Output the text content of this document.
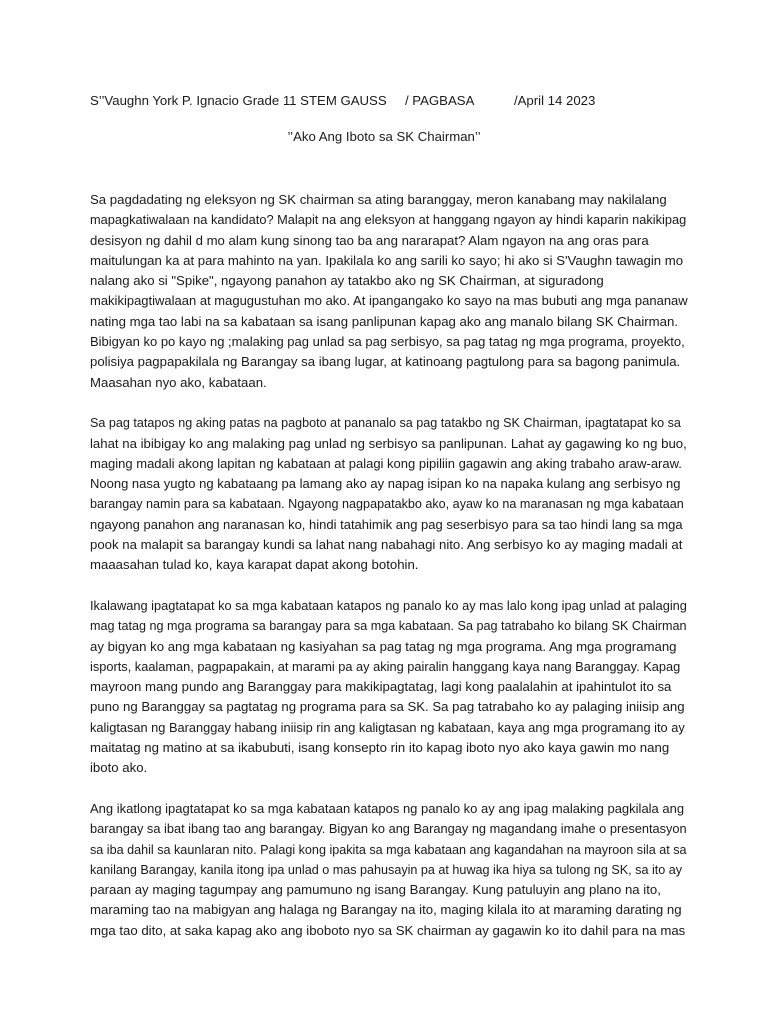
S’’Vaughn York P. Ignacio Grade 11 STEM GAUSS / PAGBASA	/April 14 2023
’’Ako Ang Iboto sa SK Chairman’’
Sa pagdadating ng eleksyon ng SK chairman sa ating baranggay, meron kanabang may nakilalang
mapagkatiwalaan na kandidato? Malapit na ang eleksyon at hanggang ngayon ay hindi kaparin nakikipag
desisyon ng dahil d mo alam kung sinong tao ba ang nararapat? Alam ngayon na ang oras para
maitulungan ka at para mahinto na yan. Ipakilala ko ang sarili ko sayo; hi ako si S'Vaughn tawagin mo
nalang ako si "Spike", ngayong panahon ay tatakbo ako ng SK Chairman, at siguradong
makikipagtiwalaan at magugustuhan mo ako. At ipangangako ko sayo na mas bubuti ang mga pananaw
nating mga tao labi na sa kabataan sa isang panlipunan kapag ako ang manalo bilang SK Chairman.
Bibigyan ko po kayo ng ;malaking pag unlad sa pag serbisyo, sa pag tatag ng mga programa, proyekto,
polisiya pagpapakilala ng Barangay sa ibang lugar, at katinoang pagtulong para sa bagong panimula.
Maasahan nyo ako, kabataan.
Sa pag tatapos ng aking patas na pagboto at pananalo sa pag tatakbo ng SK Chairman, ipagtatapat ko sa
lahat na ibibigay ko ang malaking pag unlad ng serbisyo sa panlipunan. Lahat ay gagawing ko ng buo,
maging madali akong lapitan ng kabataan at palagi kong pipiliin gagawin ang aking trabaho araw-araw.
Noong nasa yugto ng kabataang pa lamang ako ay napag isipan ko na napaka kulang ang serbisyo ng
barangay namin para sa kabataan. Ngayong nagpapatakbo ako, ayaw ko na maranasan ng mga kabataan
ngayong panahon ang naranasan ko, hindi tatahimik ang pag seserbisyo para sa tao hindi lang sa mga
pook na malapit sa barangay kundi sa lahat nang nabahagi nito. Ang serbisyo ko ay maging madali at
maaasahan tulad ko, kaya karapat dapat akong botohin.
Ikalawang ipagtatapat ko sa mga kabataan katapos ng panalo ko ay mas lalo kong ipag unlad at palaging
mag tatag ng mga programa sa barangay para sa mga kabataan. Sa pag tatrabaho ko bilang SK Chairman
ay bigyan ko ang mga kabataan ng kasiyahan sa pag tatag ng mga programa. Ang mga programang
isports, kaalaman, pagpapakain, at marami pa ay aking pairalin hanggang kaya nang Baranggay. Kapag
mayroon mang pundo ang Baranggay para makikipagtatag, lagi kong paalalahin at ipahintulot ito sa
puno ng Baranggay sa pagtatag ng programa para sa SK. Sa pag tatrabaho ko ay palaging iniisip ang
kaligtasan ng Baranggay habang iniisip rin ang kaligtasan ng kabataan, kaya ang mga programang ito ay
maitatag ng matino at sa ikabubuti, isang konsepto rin ito kapag iboto nyo ako kaya gawin mo nang
iboto ako.
Ang ikatlong ipagtatapat ko sa mga kabataan katapos ng panalo ko ay ang ipag malaking pagkilala ang
barangay sa ibat ibang tao ang barangay. Bigyan ko ang Barangay ng magandang imahe o presentasyon
sa iba dahil sa kaunlaran nito. Palagi kong ipakita sa mga kabataan ang kagandahan na mayroon sila at sa
kanilang Barangay, kanila itong ipa unlad o mas pahusayin pa at huwag ika hiya sa tulong ng SK, sa ito ay
paraan ay maging tagumpay ang pamumuno ng isang Barangay. Kung patuluyin ang plano na ito,
maraming tao na mabigyan ang halaga ng Barangay na ito, maging kilala ito at maraming darating ng
mga tao dito, at saka kapag ako ang iboboto nyo sa SK chairman ay gagawin ko ito dahil para na mas
